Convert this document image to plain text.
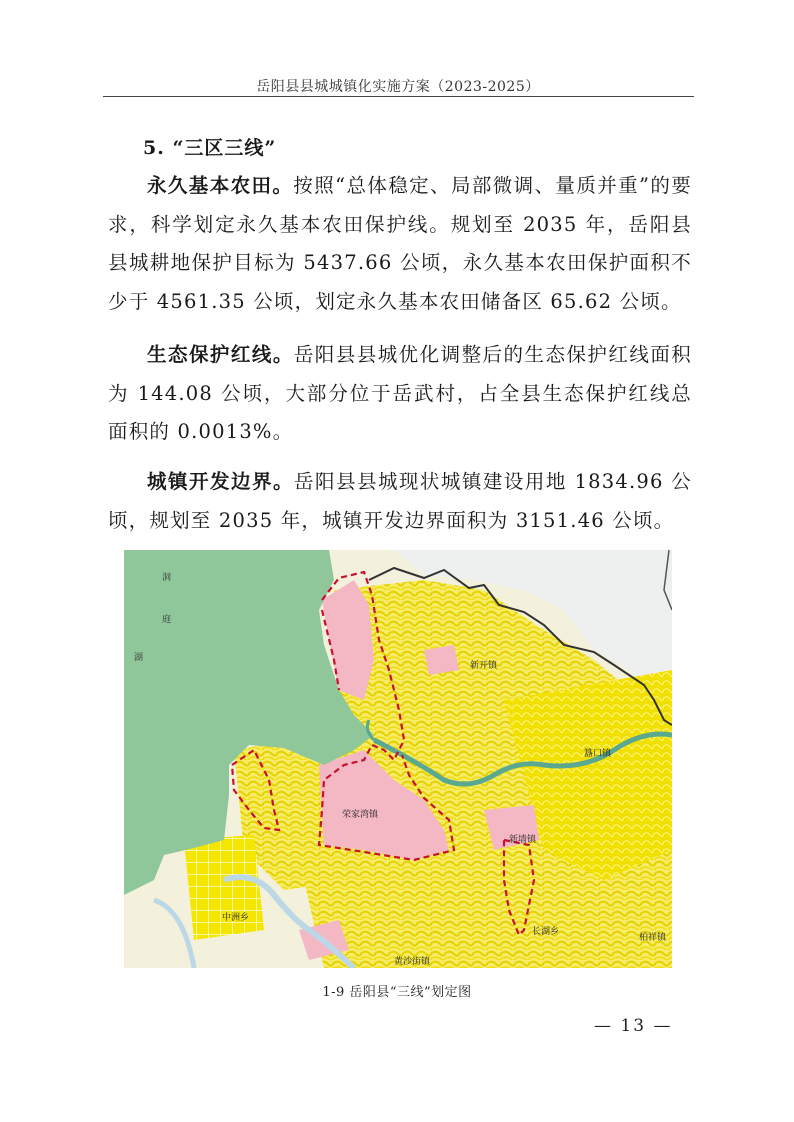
岳阳县县城城镇化实施方案（2023-2025）
5. “三区三线”

永久基本农田。按照“总体稳定、局部微调、量质并重”的要求，科学划定永久基本农田保护线。规划至 2035 年，岳阳县县城耕地保护目标为 5437.66 公顷，永久基本农田保护面积不少于 4561.35 公顷，划定永久基本农田储备区 65.62 公顷。

生态保护红线。岳阳县县城优化调整后的生态保护红线面积为 144.08 公顷，大部分位于岳武村，占全县生态保护红线总面积的 0.0013%。

城镇开发边界。岳阳县县城现状城镇建设用地 1834.96 公顷，规划至 2035 年，城镇开发边界面积为 3151.46 公顷。

洞
庭
湖
新开镇
簋口镇
荣家湾镇
新墙镇
中洲乡
长湖乡
柏祥镇
黄沙街镇
1-9 岳阳县“三线”划定图
— 13 —
